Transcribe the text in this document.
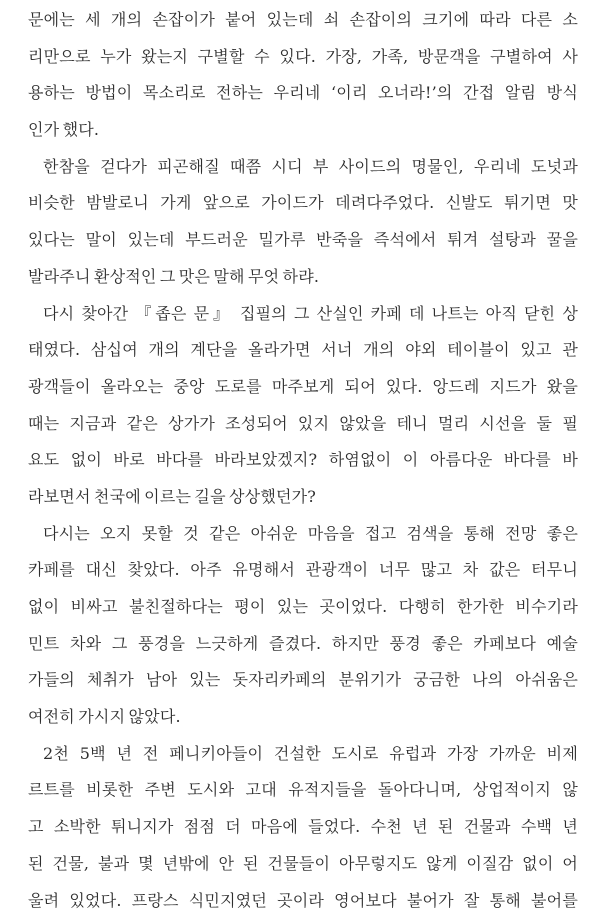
문에는 세 개의 손잡이가 붙어 있는데 쇠 손잡이의 크기에 따라 다른 소
리만으로 누가 왔는지 구별할 수 있다. 가장, 가족, 방문객을 구별하여 사
용하는 방법이 목소리로 전하는 우리네 ‘이리 오너라!’의 간접 알림 방식
인가 했다.
한참을 걷다가 피곤해질 때쯤 시디 부 사이드의 명물인, 우리네 도넛과
비슷한 밤발로니 가게 앞으로 가이드가 데려다주었다. 신발도 튀기면 맛
있다는 말이 있는데 부드러운 밀가루 반죽을 즉석에서 튀겨 설탕과 꿀을
발라주니 환상적인 그 맛은 말해 무엇 하랴.
다시 찾아간 『좁은 문』 집필의 그 산실인 카페 데 나트는 아직 닫힌 상
태였다. 삼십여 개의 계단을 올라가면 서너 개의 야외 테이블이 있고 관
광객들이 올라오는 중앙 도로를 마주보게 되어 있다. 앙드레 지드가 왔을
때는 지금과 같은 상가가 조성되어 있지 않았을 테니 멀리 시선을 둘 필
요도 없이 바로 바다를 바라보았겠지? 하염없이 이 아름다운 바다를 바
라보면서 천국에 이르는 길을 상상했던가?
다시는 오지 못할 것 같은 아쉬운 마음을 접고 검색을 통해 전망 좋은
카페를 대신 찾았다. 아주 유명해서 관광객이 너무 많고 차 값은 터무니
없이 비싸고 불친절하다는 평이 있는 곳이었다. 다행히 한가한 비수기라
민트 차와 그 풍경을 느긋하게 즐겼다. 하지만 풍경 좋은 카페보다 예술
가들의 체취가 남아 있는 돗자리카페의 분위기가 궁금한 나의 아쉬움은
여전히 가시지 않았다.
2천 5백 년 전 페니키아들이 건설한 도시로 유럽과 가장 가까운 비제
르트를 비롯한 주변 도시와 고대 유적지들을 돌아다니며, 상업적이지 않
고 소박한 튀니지가 점점 더 마음에 들었다. 수천 년 된 건물과 수백 년
된 건물, 불과 몇 년밖에 안 된 건물들이 아무렇지도 않게 이질감 없이 어
울려 있었다. 프랑스 식민지였던 곳이라 영어보다 불어가 잘 통해 불어를
